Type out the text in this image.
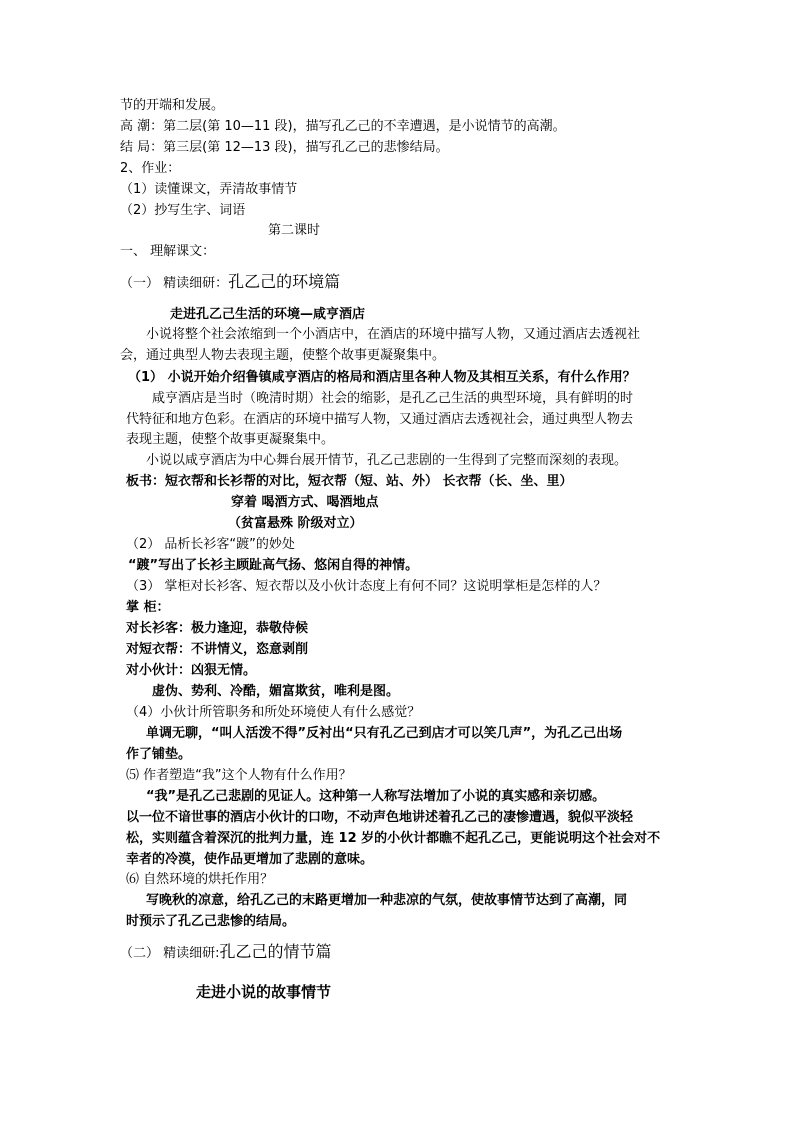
节的开端和发展。
高 潮：第二层(第 10—11 段)，描写孔乙己的不幸遭遇，是小说情节的高潮。
结 局：第三层(第 12—13 段)，描写孔乙己的悲惨结局。
2、作业：
（1）读懂课文，弄清故事情节
（2）抄写生字、词语
第二课时
一、 理解课文：
（一） 精读细研：孔乙己的环境篇
走进孔乙己生活的环境—咸亨酒店
小说将整个社会浓缩到一个小酒店中，在酒店的环境中描写人物，又通过酒店去透视社
会，通过典型人物去表现主题，使整个故事更凝聚集中。
（1） 小说开始介绍鲁镇咸亨酒店的格局和酒店里各种人物及其相互关系，有什么作用？
咸亨酒店是当时（晚清时期）社会的缩影，是孔乙己生活的典型环境，具有鲜明的时
代特征和地方色彩。在酒店的环境中描写人物，又通过酒店去透视社会，通过典型人物去
表现主题，使整个故事更凝聚集中。
小说以咸亨酒店为中心舞台展开情节，孔乙己悲剧的一生得到了完整而深刻的表现。
板书：短衣帮和长衫帮的对比，短衣帮（短、站、外） 长衣帮（长、坐、里）
穿着 喝酒方式、喝酒地点
（贫富悬殊 阶级对立）
（2） 品析长衫客“踱”的妙处
“踱”写出了长衫主顾趾高气扬、悠闲自得的神情。
（3） 掌柜对长衫客、短衣帮以及小伙计态度上有何不同？这说明掌柜是怎样的人？
掌 柜：
对长衫客：极力逢迎，恭敬侍候
对短衣帮：不讲情义，恣意剥削
对小伙计：凶狠无情。
虚伪、势利、冷酷，媚富欺贫，唯利是图。
（4）小伙计所管职务和所处环境使人有什么感觉？
单调无聊，“叫人活泼不得”反衬出“只有孔乙己到店才可以笑几声”，为孔乙己出场
作了铺垫。
⑸ 作者塑造“我”这个人物有什么作用？
“我”是孔乙己悲剧的见证人。这种第一人称写法增加了小说的真实感和亲切感。
以一位不谙世事的酒店小伙计的口吻，不动声色地讲述着孔乙己的凄惨遭遇，貌似平淡轻
松，实则蕴含着深沉的批判力量，连 12 岁的小伙计都瞧不起孔乙己，更能说明这个社会对不
幸者的冷漠，使作品更增加了悲剧的意味。
⑹ 自然环境的烘托作用？
写晚秋的凉意，给孔乙己的末路更增加一种悲凉的气氛，使故事情节达到了高潮，同
时预示了孔乙己悲惨的结局。
（二） 精读细研:孔乙己的情节篇
走进小说的故事情节
